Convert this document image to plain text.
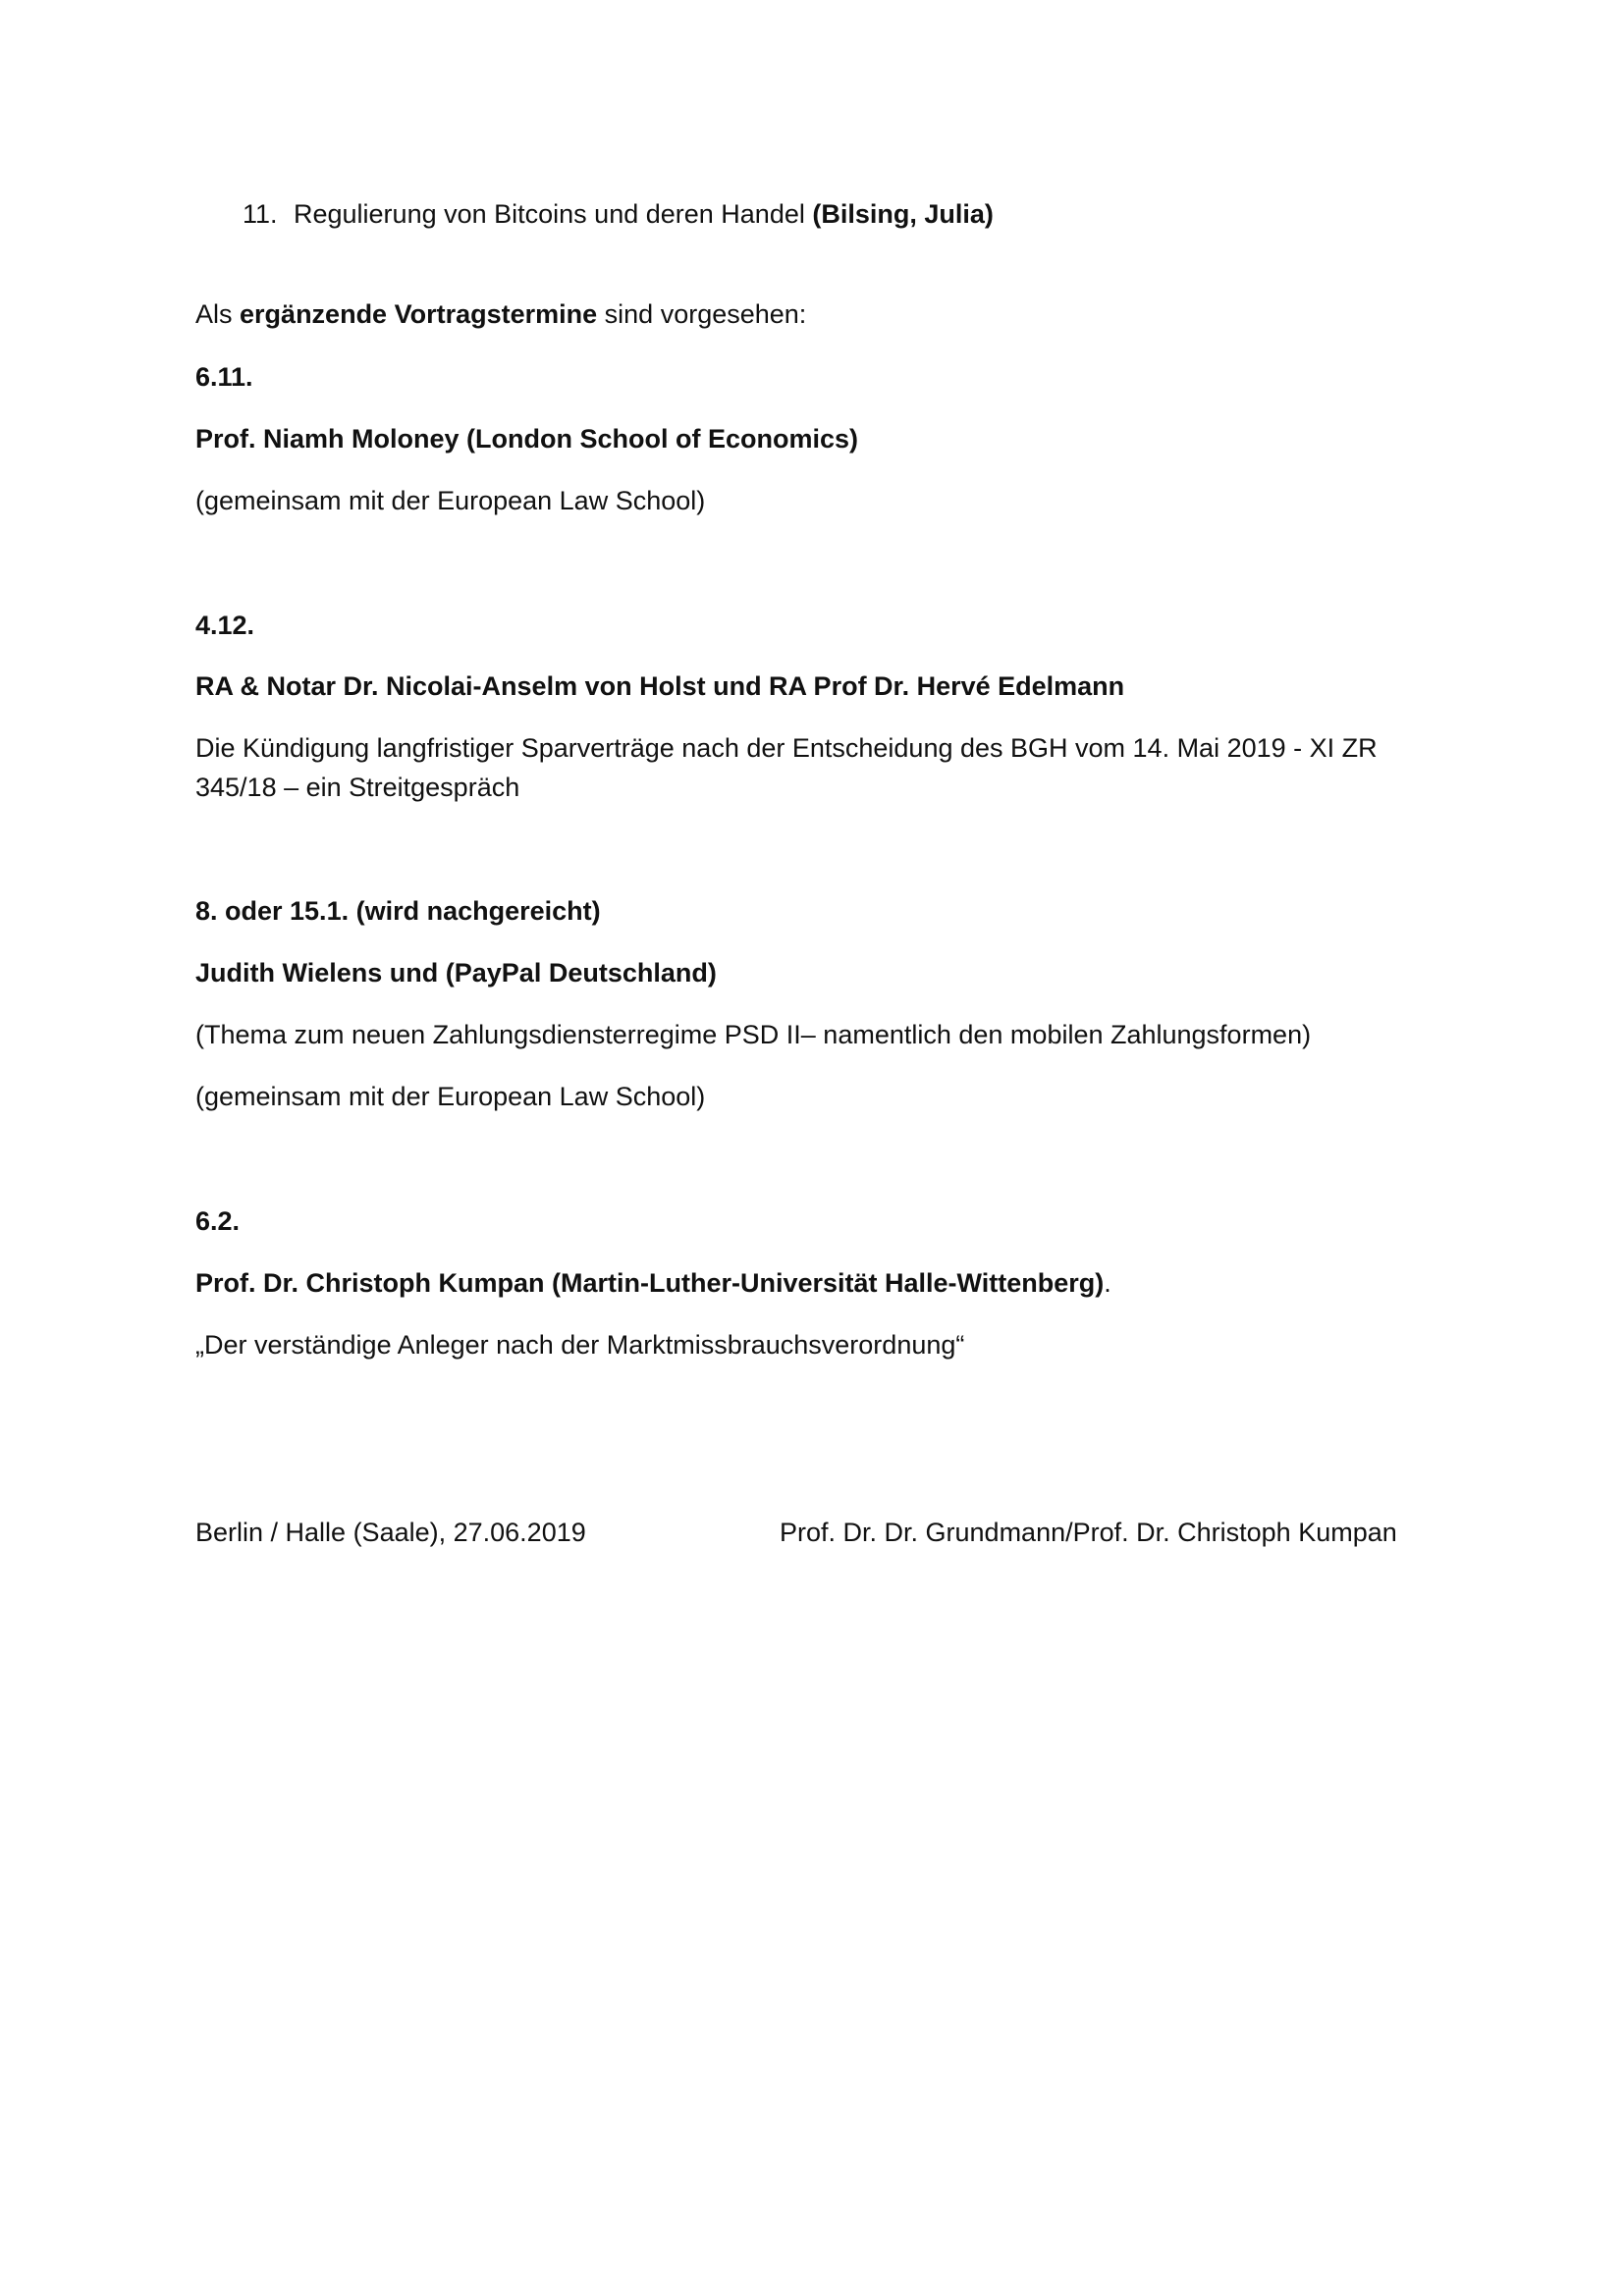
11. Regulierung von Bitcoins und deren Handel (Bilsing, Julia)
Als ergänzende Vortragstermine sind vorgesehen:
6.11.
Prof. Niamh Moloney (London School of Economics)
(gemeinsam mit der European Law School)
4.12.
RA & Notar Dr. Nicolai-Anselm von Holst und RA Prof Dr. Hervé Edelmann
Die Kündigung langfristiger Sparverträge nach der Entscheidung des BGH vom 14. Mai 2019 - XI ZR 345/18 – ein Streitgespräch
8. oder 15.1. (wird nachgereicht)
Judith Wielens und (PayPal Deutschland)
(Thema zum neuen Zahlungsdiensterregime PSD II– namentlich den mobilen Zahlungsformen)
(gemeinsam mit der European Law School)
6.2.
Prof. Dr. Christoph Kumpan (Martin-Luther-Universität Halle-Wittenberg).
„Der verständige Anleger nach der Marktmissbrauchsverordnung“
Berlin / Halle (Saale), 27.06.2019	Prof. Dr. Dr. Grundmann/Prof. Dr. Christoph Kumpan
